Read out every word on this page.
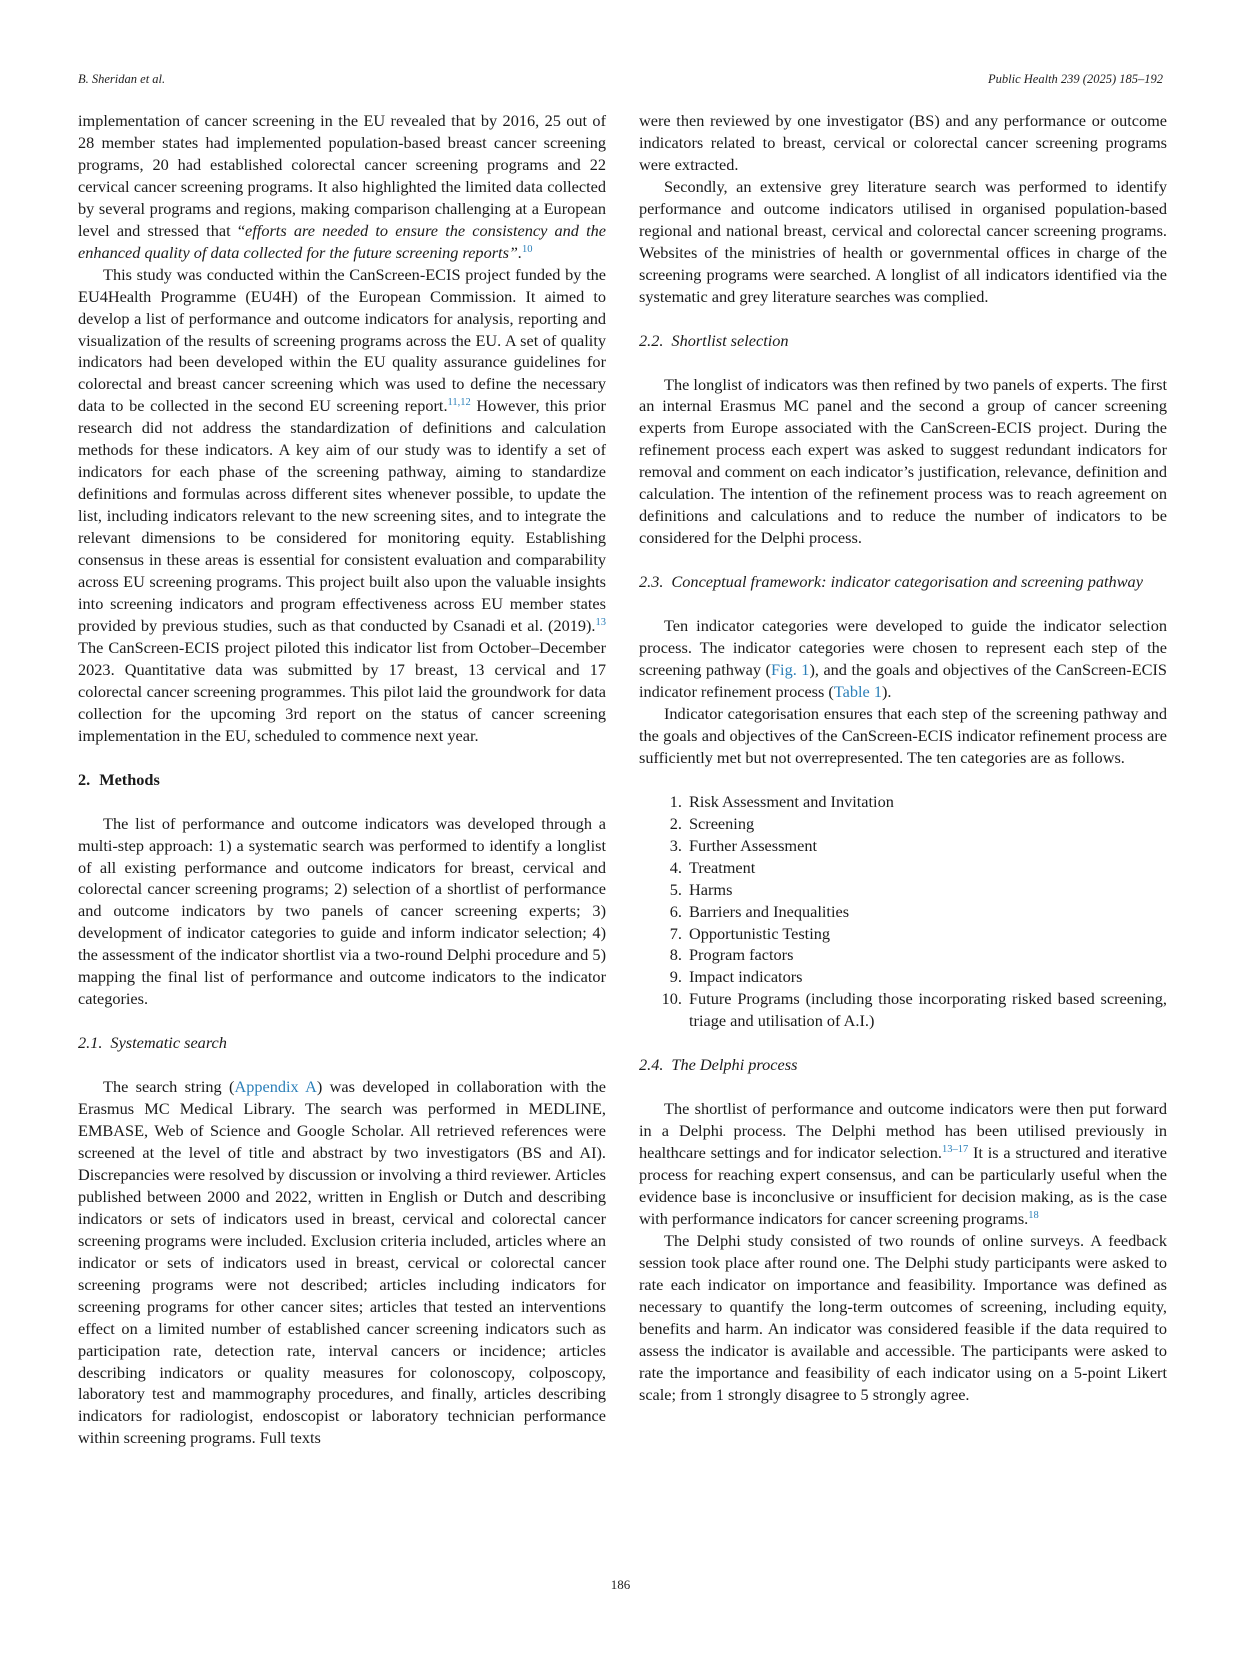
B. Sheridan et al.	Public Health 239 (2025) 185–192

implementation of cancer screening in the EU revealed that by 2016, 25 out of 28 member states had implemented population-based breast cancer screening programs, 20 had established colorectal cancer screening programs and 22 cervical cancer screening programs. It also highlighted the limited data collected by several programs and regions, making comparison challenging at a European level and stressed that “efforts are needed to ensure the consistency and the enhanced quality of data collected for the future screening reports”.$^{10}$

This study was conducted within the CanScreen-ECIS project funded by the EU4Health Programme (EU4H) of the European Commission. It aimed to develop a list of performance and outcome indicators for analysis, reporting and visualization of the results of screening programs across the EU. A set of quality indicators had been developed within the EU quality assurance guidelines for colorectal and breast cancer screening which was used to define the necessary data to be collected in the second EU screening report.$^{11,12}$ However, this prior research did not address the standardization of definitions and calculation methods for these indicators. A key aim of our study was to identify a set of indicators for each phase of the screening pathway, aiming to standardize definitions and formulas across different sites whenever possible, to update the list, including indicators relevant to the new screening sites, and to integrate the relevant dimensions to be considered for monitoring equity. Establishing consensus in these areas is essential for consistent evaluation and comparability across EU screening programs. This project built also upon the valuable insights into screening indicators and program effectiveness across EU member states provided by previous studies, such as that conducted by Csanadi et al. (2019).$^{13}$ The CanScreen-ECIS project piloted this indicator list from October–December 2023. Quantitative data was submitted by 17 breast, 13 cervical and 17 colorectal cancer screening programmes. This pilot laid the groundwork for data collection for the upcoming 3rd report on the status of cancer screening implementation in the EU, scheduled to commence next year.

2. Methods

The list of performance and outcome indicators was developed through a multi-step approach: 1) a systematic search was performed to identify a longlist of all existing performance and outcome indicators for breast, cervical and colorectal cancer screening programs; 2) selection of a shortlist of performance and outcome indicators by two panels of cancer screening experts; 3) development of indicator categories to guide and inform indicator selection; 4) the assessment of the indicator shortlist via a two-round Delphi procedure and 5) mapping the final list of performance and outcome indicators to the indicator categories.

2.1. Systematic search

The search string (Appendix A) was developed in collaboration with the Erasmus MC Medical Library. The search was performed in MEDLINE, EMBASE, Web of Science and Google Scholar. All retrieved references were screened at the level of title and abstract by two investigators (BS and AI). Discrepancies were resolved by discussion or involving a third reviewer. Articles published between 2000 and 2022, written in English or Dutch and describing indicators or sets of indicators used in breast, cervical and colorectal cancer screening programs were included. Exclusion criteria included, articles where an indicator or sets of indicators used in breast, cervical or colorectal cancer screening programs were not described; articles including indicators for screening programs for other cancer sites; articles that tested an interventions effect on a limited number of established cancer screening indicators such as participation rate, detection rate, interval cancers or incidence; articles describing indicators or quality measures for colonoscopy, colposcopy, laboratory test and mammography procedures, and finally, articles describing indicators for radiologist, endoscopist or laboratory technician performance within screening programs. Full texts

were then reviewed by one investigator (BS) and any performance or outcome indicators related to breast, cervical or colorectal cancer screening programs were extracted.

Secondly, an extensive grey literature search was performed to identify performance and outcome indicators utilised in organised population-based regional and national breast, cervical and colorectal cancer screening programs. Websites of the ministries of health or governmental offices in charge of the screening programs were searched. A longlist of all indicators identified via the systematic and grey literature searches was complied.

2.2. Shortlist selection

The longlist of indicators was then refined by two panels of experts. The first an internal Erasmus MC panel and the second a group of cancer screening experts from Europe associated with the CanScreen-ECIS project. During the refinement process each expert was asked to suggest redundant indicators for removal and comment on each indicator’s justification, relevance, definition and calculation. The intention of the refinement process was to reach agreement on definitions and calculations and to reduce the number of indicators to be considered for the Delphi process.

2.3. Conceptual framework: indicator categorisation and screening pathway

Ten indicator categories were developed to guide the indicator selection process. The indicator categories were chosen to represent each step of the screening pathway (Fig. 1), and the goals and objectives of the CanScreen-ECIS indicator refinement process (Table 1).

Indicator categorisation ensures that each step of the screening pathway and the goals and objectives of the CanScreen-ECIS indicator refinement process are sufficiently met but not overrepresented. The ten categories are as follows.

1. Risk Assessment and Invitation
2. Screening
3. Further Assessment
4. Treatment
5. Harms
6. Barriers and Inequalities
7. Opportunistic Testing
8. Program factors
9. Impact indicators
10. Future Programs (including those incorporating risked based screening, triage and utilisation of A.I.)
2.4. The Delphi process

The shortlist of performance and outcome indicators were then put forward in a Delphi process. The Delphi method has been utilised previously in healthcare settings and for indicator selection.$^{13-17}$ It is a structured and iterative process for reaching expert consensus, and can be particularly useful when the evidence base is inconclusive or insufficient for decision making, as is the case with performance indicators for cancer screening programs.$^{18}$

The Delphi study consisted of two rounds of online surveys. A feedback session took place after round one. The Delphi study participants were asked to rate each indicator on importance and feasibility. Importance was defined as necessary to quantify the long-term outcomes of screening, including equity, benefits and harm. An indicator was considered feasible if the data required to assess the indicator is available and accessible. The participants were asked to rate the importance and feasibility of each indicator using on a 5-point Likert scale; from 1 strongly disagree to 5 strongly agree.

186
